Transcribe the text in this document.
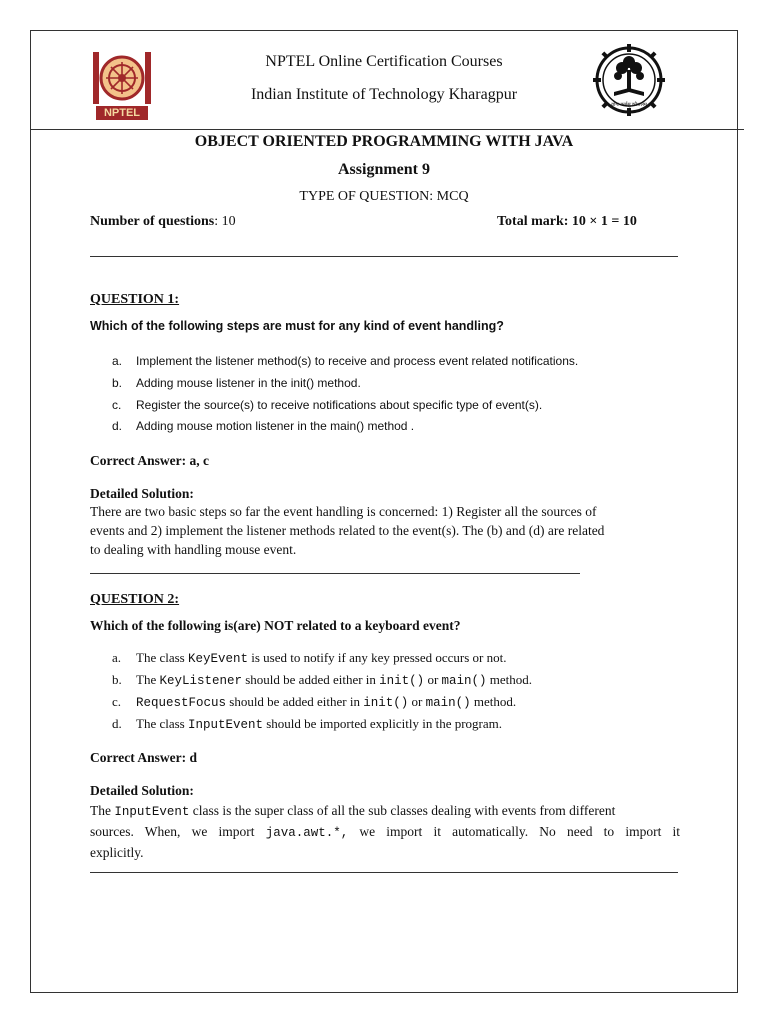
NPTEL
NPTEL Online Certification Courses
Indian Institute of Technology Kharagpur
योगः कर्मसु कौशलम्
OBJECT ORIENTED PROGRAMMING WITH JAVA
Assignment 9
TYPE OF QUESTION: MCQ
Number of questions: 10	Total mark: 10 × 1 = 10
QUESTION 1:
Which of the following steps are must for any kind of event handling?
a. Implement the listener method(s) to receive and process event related notifications.
b. Adding mouse listener in the init() method.
c. Register the source(s) to receive notifications about specific type of event(s).
d. Adding mouse motion listener in the main() method .
Correct Answer: a, c
Detailed Solution:
There are two basic steps so far the event handling is concerned: 1) Register all the sources of
events and 2) implement the listener methods related to the event(s). The (b) and (d) are related
to dealing with handling mouse event.
QUESTION 2:
Which of the following is(are) NOT related to a keyboard event?
a. The class KeyEvent is used to notify if any key pressed occurs or not.
b. The KeyListener should be added either in init() or main() method.
c. RequestFocus should be added either in init() or main() method.
d. The class InputEvent should be imported explicitly in the program.
Correct Answer: d
Detailed Solution:
The InputEvent class is the super class of all the sub classes dealing with events from different
sources. When, we import java.awt.*, we import it automatically. No need to import it
explicitly.
